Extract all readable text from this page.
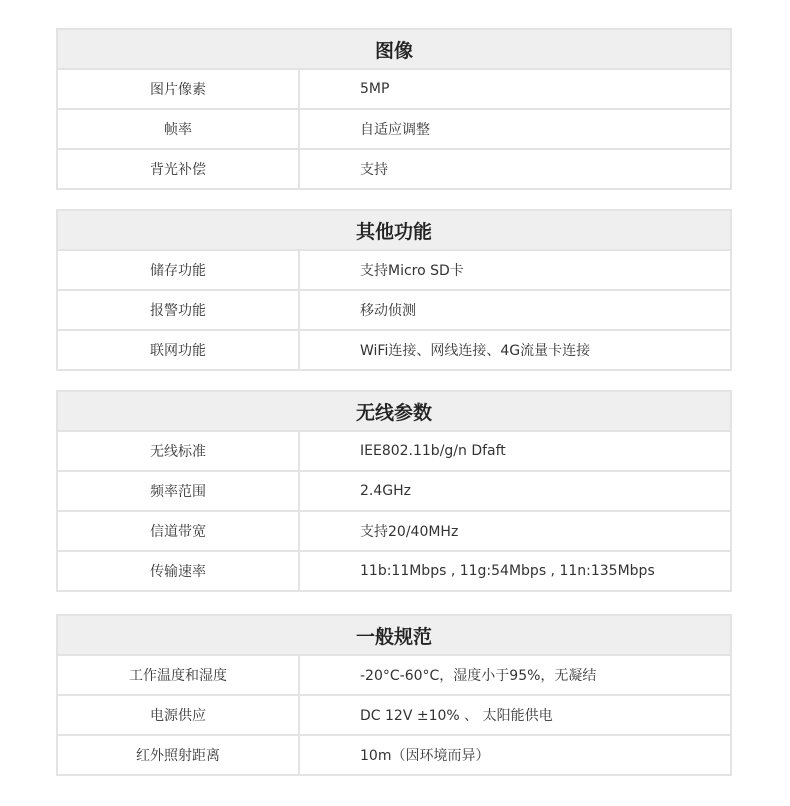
图像
图片像素	5MP
帧率	自适应调整
背光补偿	支持
其他功能
储存功能	支持Micro SD卡
报警功能	移动侦测
联网功能	WiFi连接、网线连接、4G流量卡连接
无线参数
无线标准	IEE802.11b/g/n Dfaft
频率范围	2.4GHz
信道带宽	支持20/40MHz
传输速率	11b:11Mbps , 11g:54Mbps , 11n:135Mbps
一般规范
工作温度和湿度	-20°C-60°C，湿度小于95%，无凝结
电源供应	DC 12V ±10% 、 太阳能供电
红外照射距离	10m（因环境而异）
